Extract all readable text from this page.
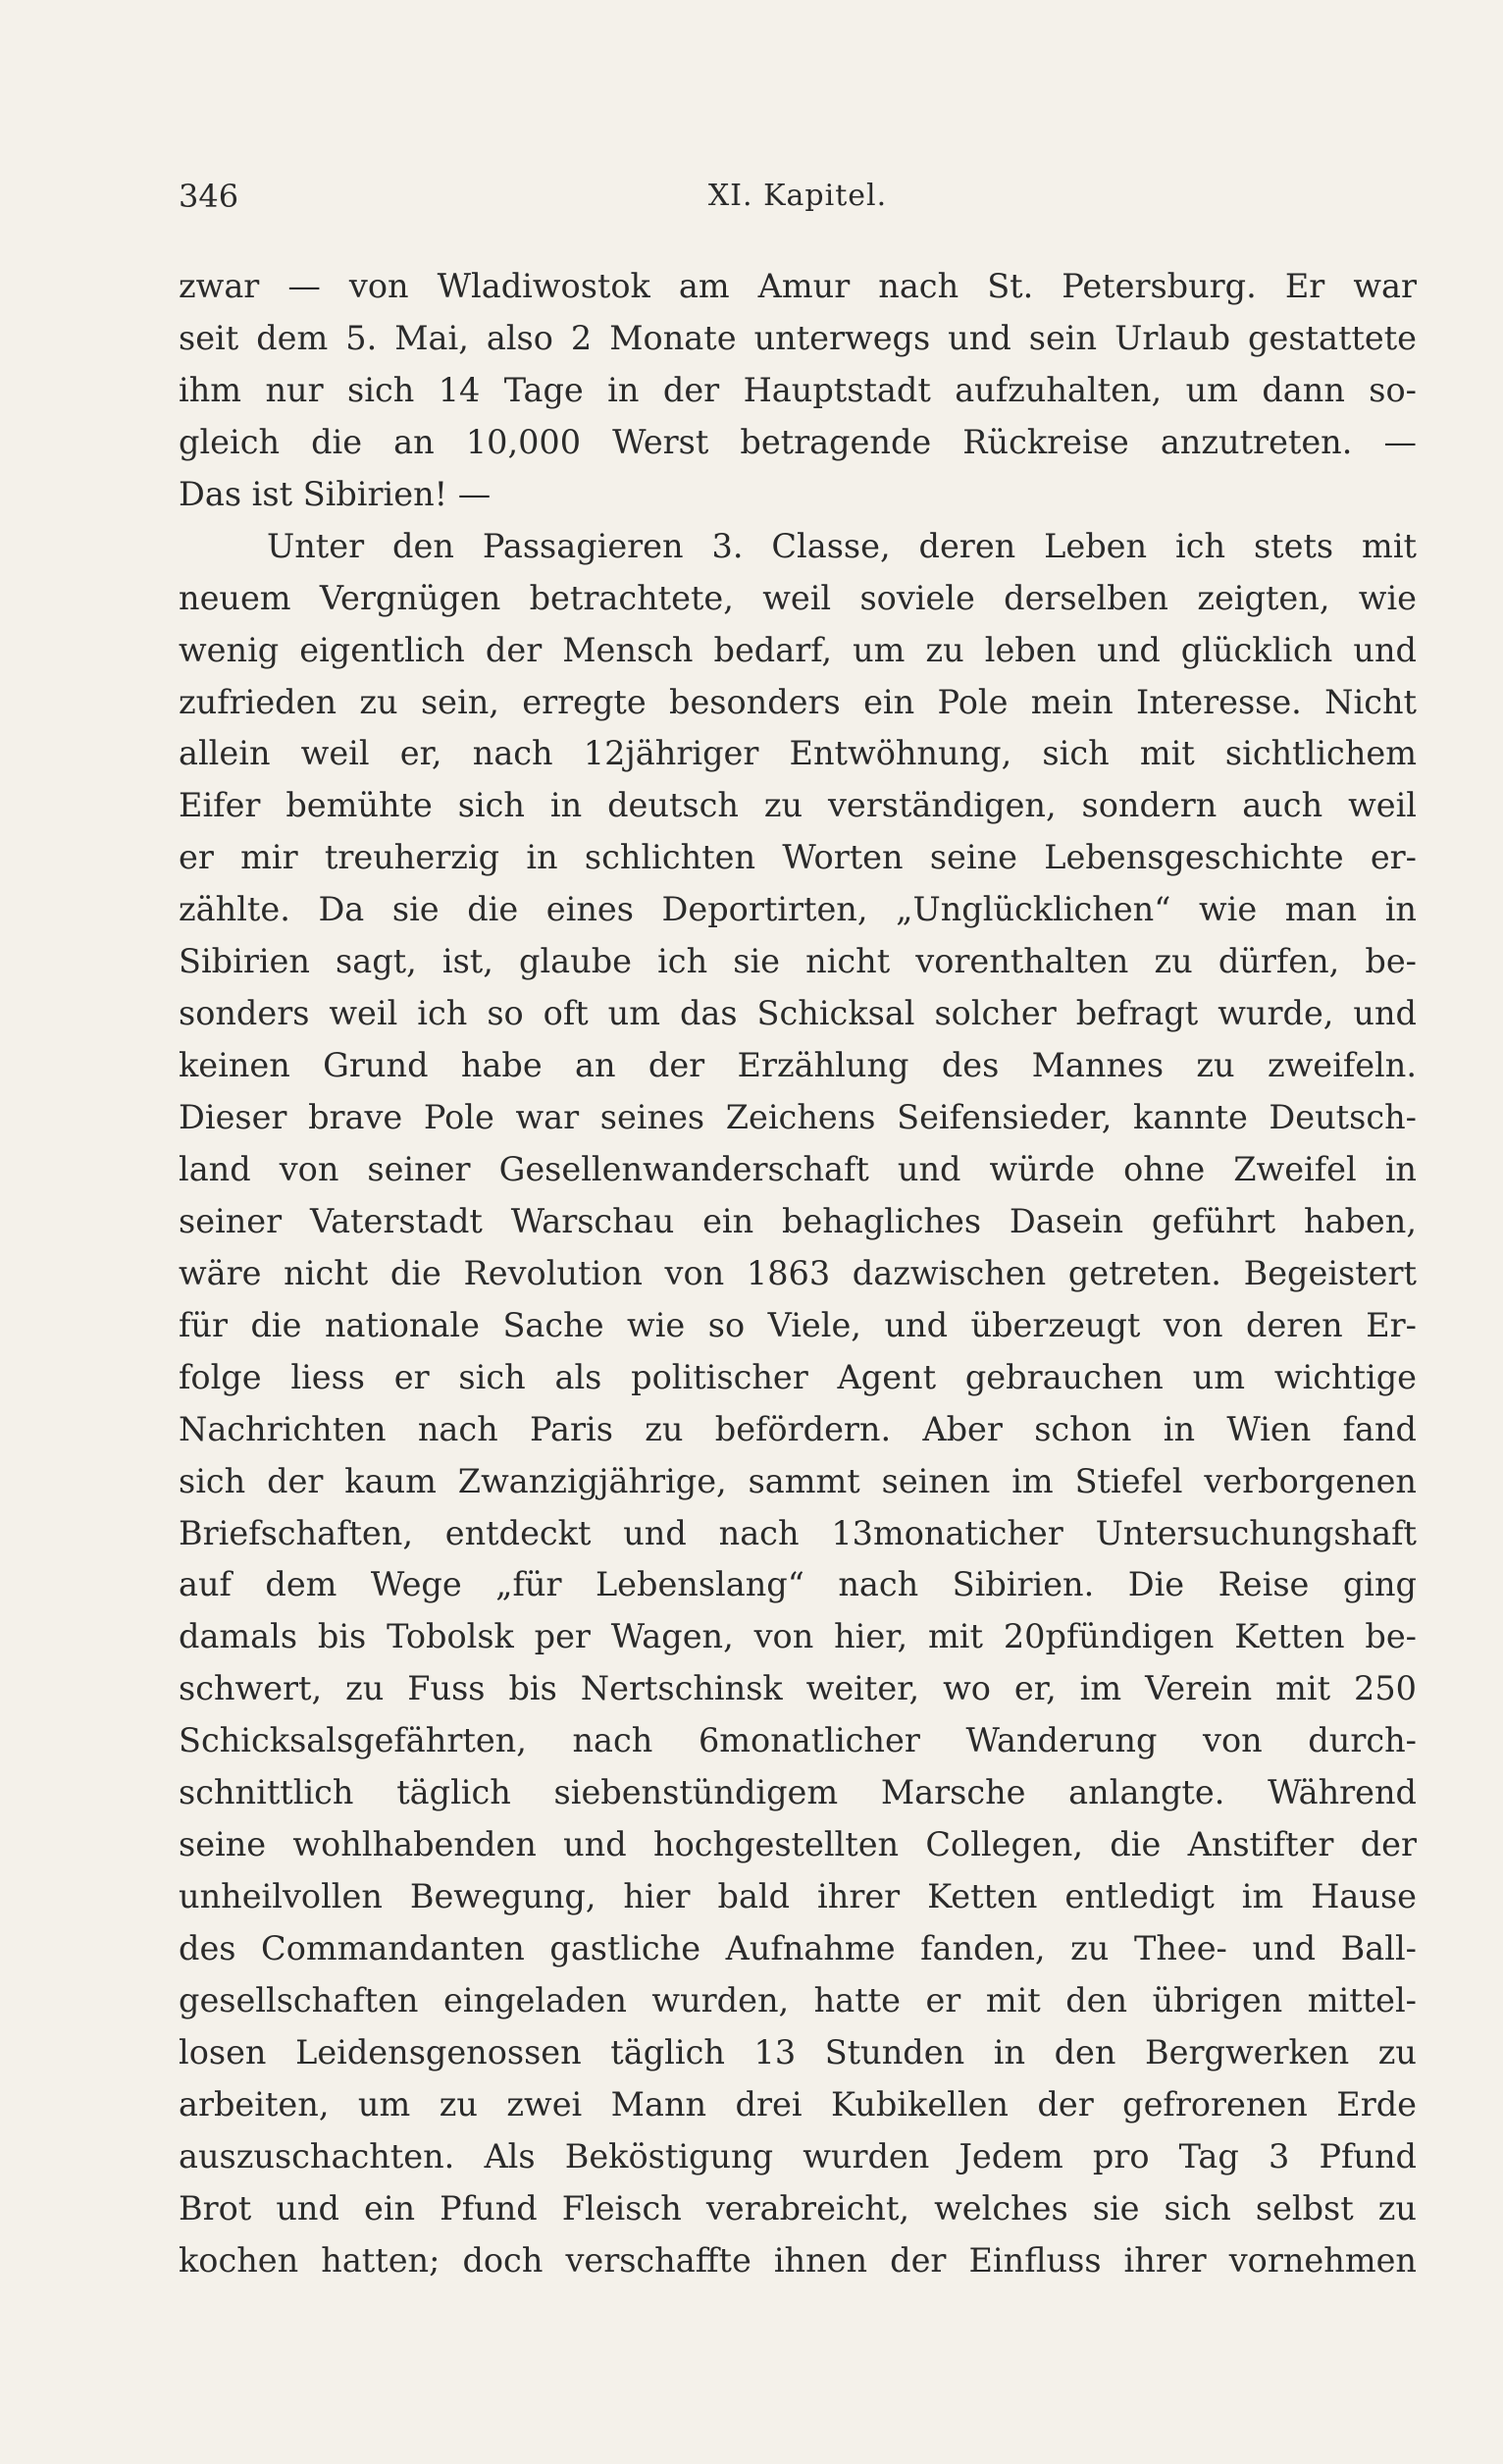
346	XI. Kapitel.
zwar — von Wladiwostok am Amur nach St. Petersburg. Er war
seit dem 5. Mai, also 2 Monate unterwegs und sein Urlaub gestattete
ihm nur sich 14 Tage in der Hauptstadt aufzuhalten, um dann so-
gleich die an 10,000 Werst betragende Rückreise anzutreten. —
Das ist Sibirien! —
Unter den Passagieren 3. Classe, deren Leben ich stets mit
neuem Vergnügen betrachtete, weil soviele derselben zeigten, wie
wenig eigentlich der Mensch bedarf, um zu leben und glücklich und
zufrieden zu sein, erregte besonders ein Pole mein Interesse. Nicht
allein weil er, nach 12jähriger Entwöhnung, sich mit sichtlichem
Eifer bemühte sich in deutsch zu verständigen, sondern auch weil
er mir treuherzig in schlichten Worten seine Lebensgeschichte er-
zählte. Da sie die eines Deportirten, „Unglücklichen“ wie man in
Sibirien sagt, ist, glaube ich sie nicht vorenthalten zu dürfen, be-
sonders weil ich so oft um das Schicksal solcher befragt wurde, und
keinen Grund habe an der Erzählung des Mannes zu zweifeln.
Dieser brave Pole war seines Zeichens Seifensieder, kannte Deutsch-
land von seiner Gesellenwanderschaft und würde ohne Zweifel in
seiner Vaterstadt Warschau ein behagliches Dasein geführt haben,
wäre nicht die Revolution von 1863 dazwischen getreten. Begeistert
für die nationale Sache wie so Viele, und überzeugt von deren Er-
folge liess er sich als politischer Agent gebrauchen um wichtige
Nachrichten nach Paris zu befördern. Aber schon in Wien fand
sich der kaum Zwanzigjährige, sammt seinen im Stiefel verborgenen
Briefschaften, entdeckt und nach 13monaticher Untersuchungshaft
auf dem Wege „für Lebenslang“ nach Sibirien. Die Reise ging
damals bis Tobolsk per Wagen, von hier, mit 20pfündigen Ketten be-
schwert, zu Fuss bis Nertschinsk weiter, wo er, im Verein mit 250
Schicksalsgefährten, nach 6monatlicher Wanderung von durch-
schnittlich täglich siebenstündigem Marsche anlangte. Während
seine wohlhabenden und hochgestellten Collegen, die Anstifter der
unheilvollen Bewegung, hier bald ihrer Ketten entledigt im Hause
des Commandanten gastliche Aufnahme fanden, zu Thee- und Ball-
gesellschaften eingeladen wurden, hatte er mit den übrigen mittel-
losen Leidensgenossen täglich 13 Stunden in den Bergwerken zu
arbeiten, um zu zwei Mann drei Kubikellen der gefrorenen Erde
auszuschachten. Als Beköstigung wurden Jedem pro Tag 3 Pfund
Brot und ein Pfund Fleisch verabreicht, welches sie sich selbst zu
kochen hatten; doch verschaffte ihnen der Einfluss ihrer vornehmen
